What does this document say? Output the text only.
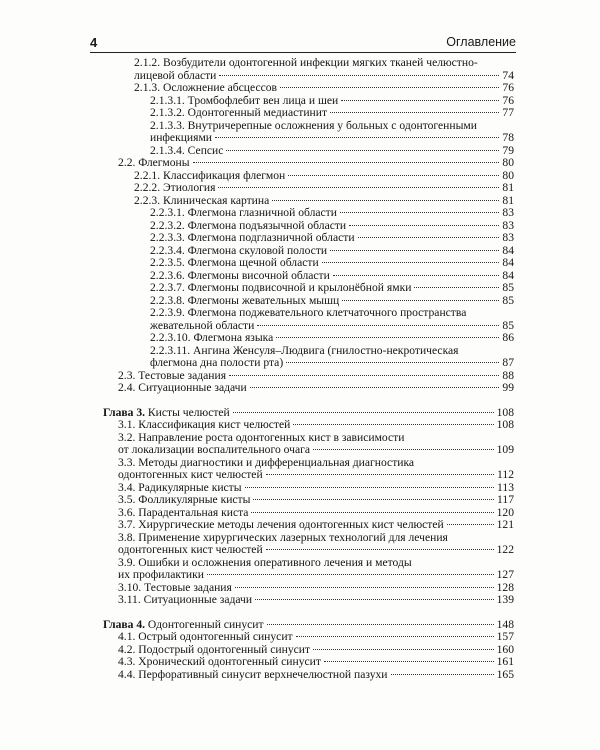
4	Оглавление
2.1.2. Возбудители одонтогенной инфекции мягких тканей челюстно-
лицевой области	74
2.1.3. Осложнение абсцессов	76
2.1.3.1. Тромбофлебит вен лица и шеи	76
2.1.3.2. Одонтогенный медиастинит	77
2.1.3.3. Внутричерепные осложнения у больных с одонтогенными
инфекциями	78
2.1.3.4. Сепсис	79
2.2. Флегмоны	80
2.2.1. Классификация флегмон	80
2.2.2. Этиология	81
2.2.3. Клиническая картина	81
2.2.3.1. Флегмона глазничной области	83
2.2.3.2. Флегмона подъязычной области	83
2.2.3.3. Флегмона подглазничной области	83
2.2.3.4. Флегмона скуловой полости	84
2.2.3.5. Флегмона щечной области	84
2.2.3.6. Флегмоны височной области	84
2.2.3.7. Флегмоны подвисочной и крылонёбной ямки	85
2.2.3.8. Флегмоны жевательных мышц	85
2.2.3.9. Флегмона поджевательного клетчаточного пространства
жевательной области	85
2.2.3.10. Флегмона языка	86
2.2.3.11. Ангина Женсуля–Людвига (гнилостно-некротическая
флегмона дна полости рта)	87
2.3. Тестовые задания	88
2.4. Ситуационные задачи	99
Глава 3. Кисты челюстей	108
3.1. Классификация кист челюстей	108
3.2. Направление роста одонтогенных кист в зависимости
от локализации воспалительного очага	109
3.3. Методы диагностики и дифференциальная диагностика
одонтогенных кист челюстей	112
3.4. Радикулярные кисты	113
3.5. Фолликулярные кисты	117
3.6. Парадентальная киста	120
3.7. Хирургические методы лечения одонтогенных кист челюстей	121
3.8. Применение хирургических лазерных технологий для лечения
одонтогенных кист челюстей	122
3.9. Ошибки и осложнения оперативного лечения и методы
их профилактики	127
3.10. Тестовые задания	128
3.11. Ситуационные задачи	139
Глава 4. Одонтогенный синусит	148
4.1. Острый одонтогенный синусит	157
4.2. Подострый одонтогенный синусит	160
4.3. Хронический одонтогенный синусит	161
4.4. Перфоративный синусит верхнечелюстной пазухи	165
